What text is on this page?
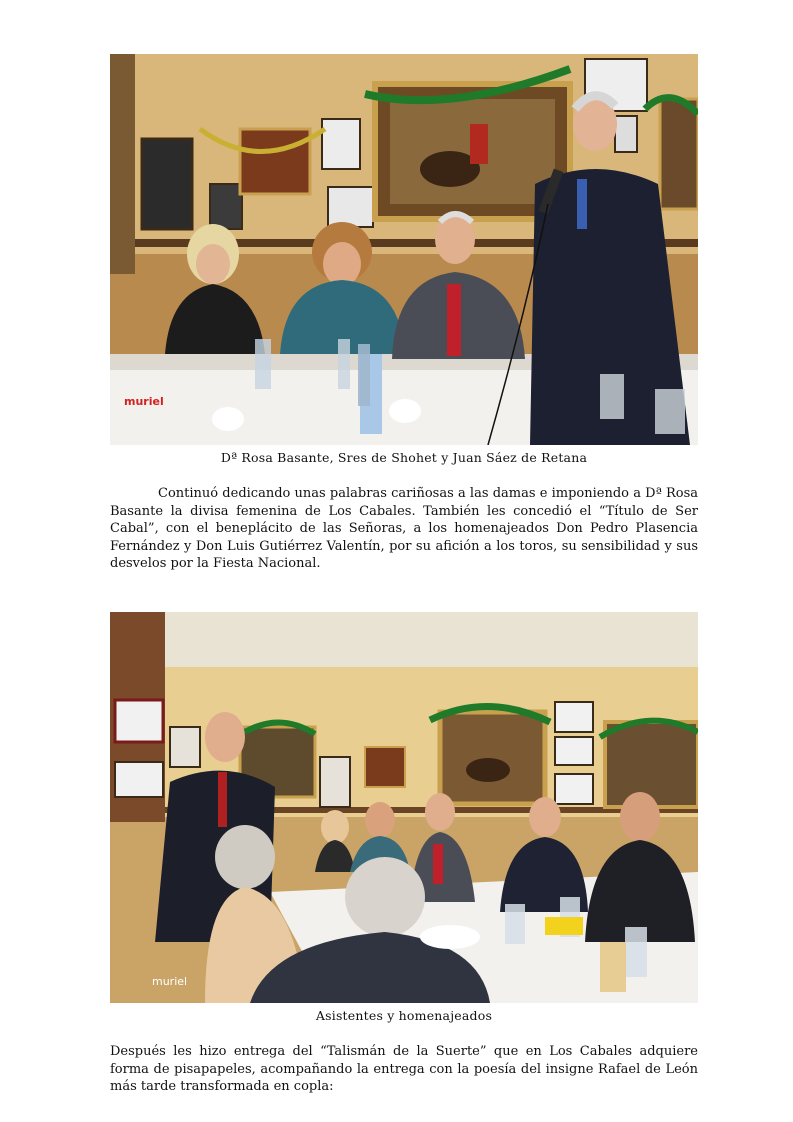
muriel
Dª Rosa Basante, Sres de Shohet y Juan Sáez de Retana

Continuó dedicando unas palabras cariñosas a las damas e imponiendo a Dª Rosa Basante la divisa femenina de Los Cabales. También les concedió el “Título de Ser Cabal”, con el beneplácito de las Señoras, a los homenajeados Don Pedro Plasencia Fernández y Don Luis Gutiérrez Valentín, por su afición a los toros, su sensibilidad y sus desvelos por la Fiesta Nacional.

muriel
Asistentes y homenajeados

Después les hizo entrega del “Talismán de la Suerte” que en Los Cabales adquiere forma de pisapapeles, acompañando la entrega con la poesía del insigne Rafael de León más tarde transformada en copla:
